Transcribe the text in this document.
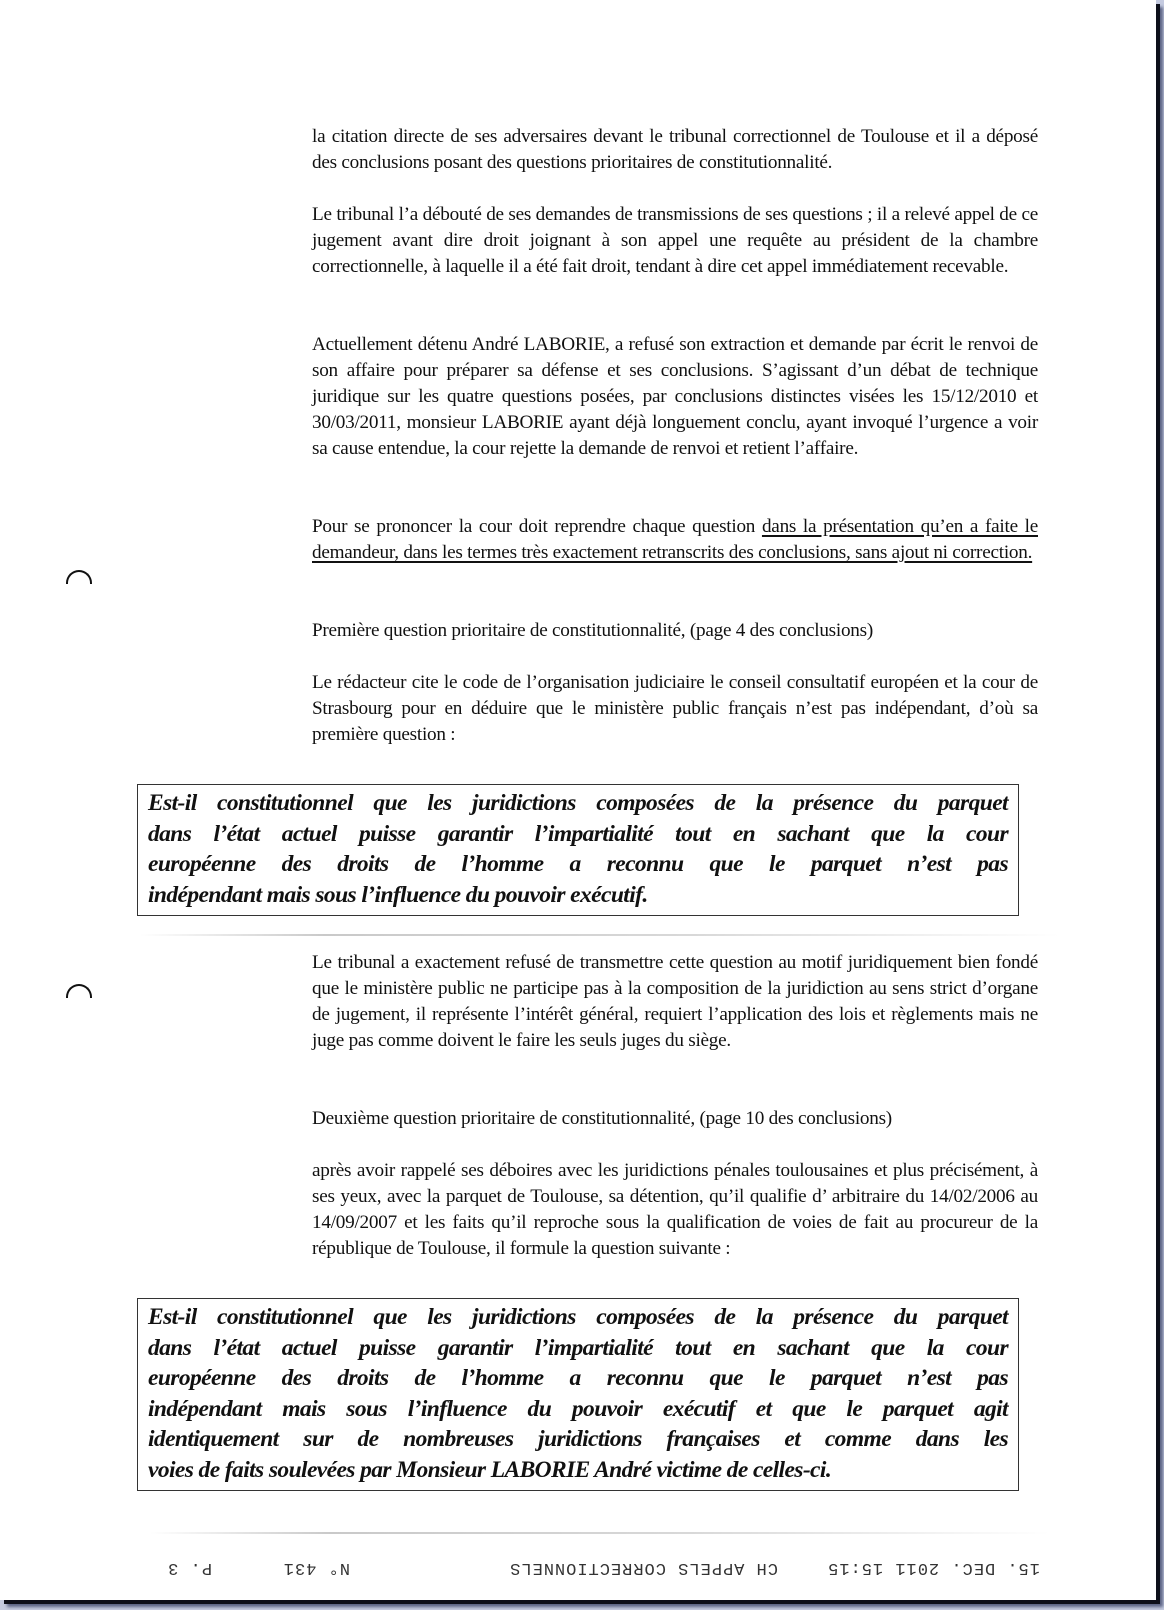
la citation directe de ses adversaires devant le tribunal correctionnel de Toulouse et il a déposé des conclusions posant des questions prioritaires de constitutionnalité.

Le tribunal l’a débouté de ses demandes de transmissions de ses questions ; il a relevé appel de ce jugement avant dire droit joignant à son appel une requête au président de la chambre correctionnelle, à laquelle il a été fait droit, tendant à dire cet appel immédiatement recevable.

Actuellement détenu André LABORIE, a refusé son extraction et demande par écrit le renvoi de son affaire pour préparer sa défense et ses conclusions. S’agissant d’un débat de technique juridique sur les quatre questions posées, par conclusions distinctes visées les 15/12/2010 et 30/03/2011, monsieur LABORIE ayant déjà longuement conclu, ayant invoqué l’urgence a voir sa cause entendue, la cour rejette la demande de renvoi et retient l’affaire.

Pour se prononcer la cour doit reprendre chaque question dans la présentation qu’en a faite le demandeur, dans les termes très exactement retranscrits des conclusions, sans ajout ni correction.

Première question prioritaire de constitutionnalité, (page 4 des conclusions)

Le rédacteur cite le code de l’organisation judiciaire le conseil consultatif européen et la cour de Strasbourg pour en déduire que le ministère public français n’est pas indépendant, d’où sa première question :

Est-il constitutionnel que les juridictions composées de la présence du parquet
dans l’état actuel puisse garantir l’impartialité tout en sachant que la cour
européenne des droits de l’homme a reconnu que le parquet n’est pas
indépendant mais sous l’influence du pouvoir exécutif.

Le tribunal a exactement refusé de transmettre cette question au motif juridiquement bien fondé que le ministère public ne participe pas à la composition de la juridiction au sens strict d’organe de jugement, il représente l’intérêt général, requiert l’application des lois et règlements mais ne juge pas comme doivent le faire les seuls juges du siège.

Deuxième question prioritaire de constitutionnalité, (page 10 des conclusions)

après avoir rappelé ses déboires avec les juridictions pénales toulousaines et plus précisément, à ses yeux, avec la parquet de Toulouse, sa détention, qu’il qualifie d’ arbitraire du 14/02/2006 au 14/09/2007 et les faits qu’il reproche sous la qualification de voies de fait au procureur de la république de Toulouse, il formule la question suivante :

Est-il constitutionnel que les juridictions composées de la présence du parquet
dans l’état actuel puisse garantir l’impartialité tout en sachant que la cour
européenne des droits de l’homme a reconnu que le parquet n’est pas
indépendant mais sous l’influence du pouvoir exécutif et que le parquet agit
identiquement sur de nombreuses juridictions françaises et comme dans les
voies de faits soulevées par Monsieur LABORIE André victime de celles-ci.
15. DEC. 2011 15:15
CH APPELS CORRECTIONNELS
N° 431
P. 3
